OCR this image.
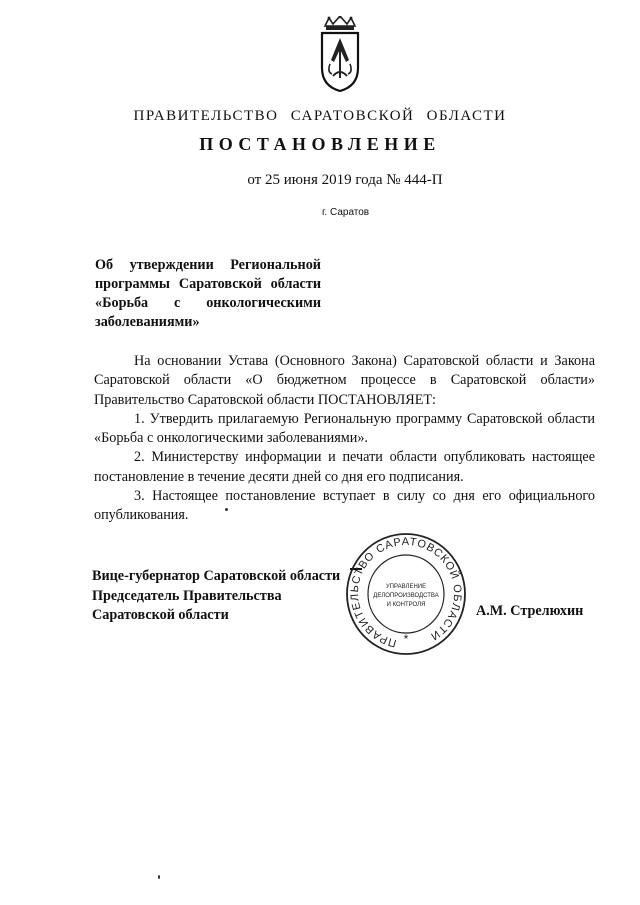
ПРАВИТЕЛЬСТВО САРАТОВСКОЙ ОБЛАСТИ
ПОСТАНОВЛЕНИЕ
от 25 июня 2019 года № 444-П
г. Саратов
Об утверждении Региональной
программы Саратовской области
«Борьба с онкологическими
заболеваниями»

На основании Устава (Основного Закона) Саратовской области и Закона Саратовской области «О бюджетном процессе в Саратовской области» Правительство Саратовской области ПОСТАНОВЛЯЕТ:

1. Утвердить прилагаемую Региональную программу Саратовской области «Борьба с онкологическими заболеваниями».

2. Министерству информации и печати области опубликовать настоящее постановление в течение десяти дней со дня его подписания.

3. Настоящее постановление вступает в силу со дня его официального опубликования.

Вице-губернатор Саратовской области
Председатель Правительства
Саратовской области
ПРАВИТЕЛЬСТВО САРАТОВСКОЙ ОБЛАСТИ
УПРАВЛЕНИЕ
ДЕЛОПРОИЗВОДСТВА
И КОНТРОЛЯ
*
А.М. Стрелюхин
